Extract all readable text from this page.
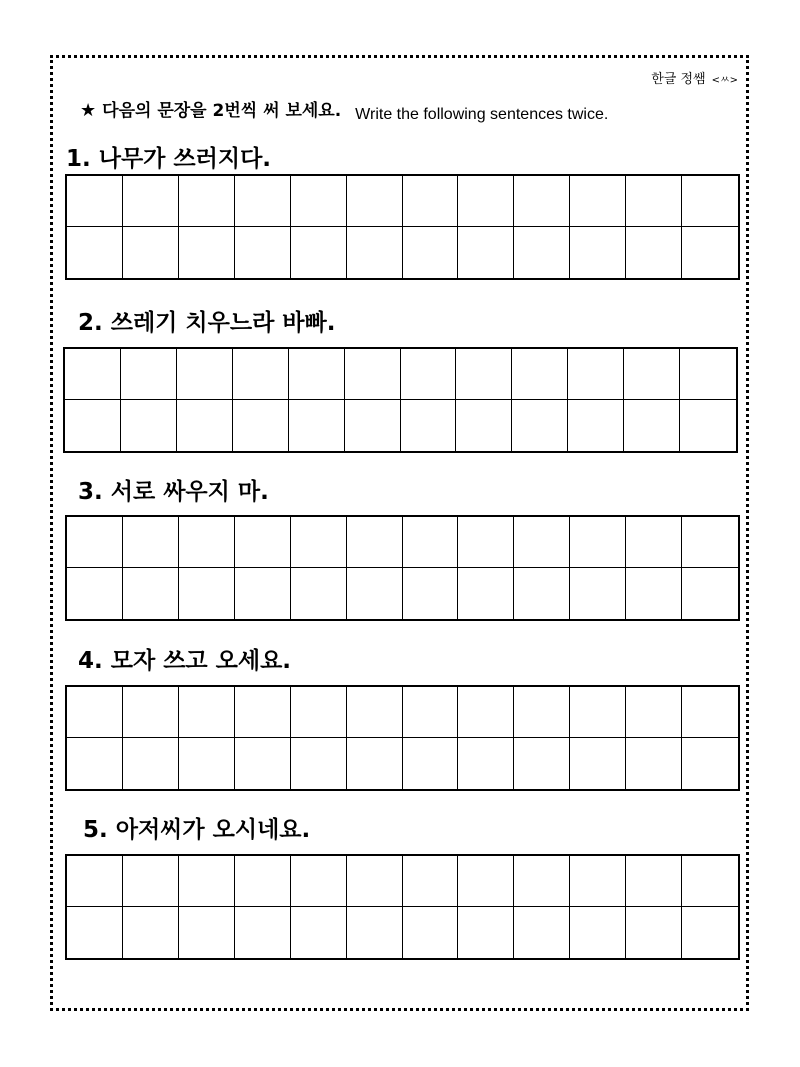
한글 정쌤 <ㅆ>
★ 다음의 문장을 2번씩 써 보세요. Write the following sentences twice.
1. 나무가 쓰러지다.
2. 쓰레기 치우느라 바빠.
3. 서로 싸우지 마.
4. 모자 쓰고 오세요.
5. 아저씨가 오시네요.
